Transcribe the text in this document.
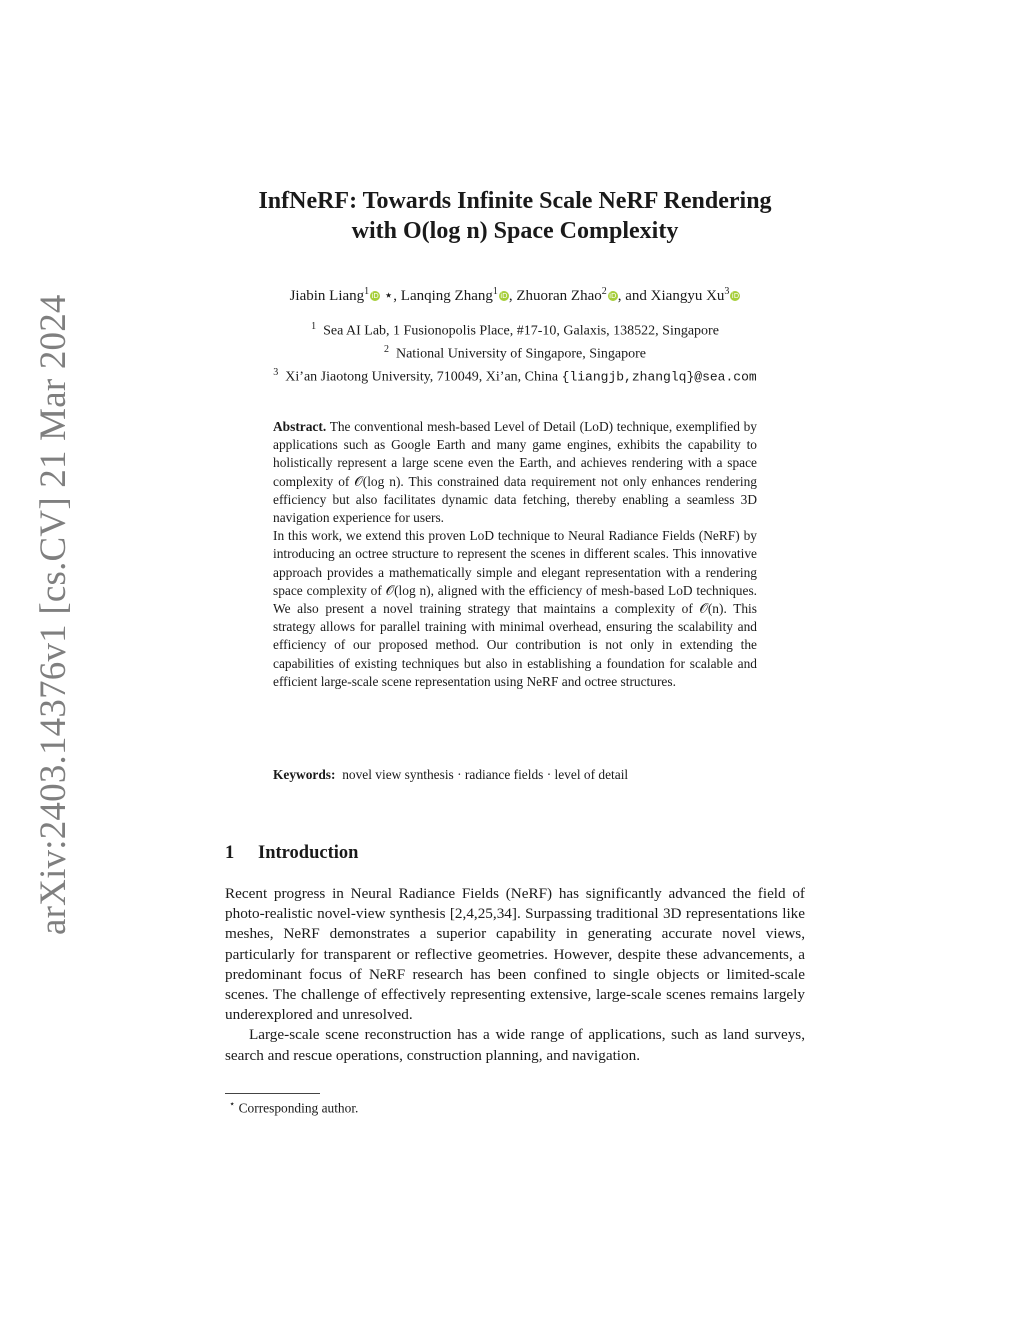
arXiv:2403.14376v1 [cs.CV] 21 Mar 2024
InfNeRF: Towards Infinite Scale NeRF Rendering
with O(log n) Space Complexity
Jiabin Liang$^1$ iD ⋆, Lanqing Zhang$^1$ iD, Zhuoran Zhao$^2$ iD, and Xiangyu Xu$^3$ iD
$^1$ Sea AI Lab, 1 Fusionopolis Place, #17-10, Galaxis, 138522, Singapore
$^2$ National University of Singapore, Singapore
$^3$ Xi’an Jiaotong University, 710049, Xi’an, China {liangjb,zhanglq}@sea.com

Abstract. The conventional mesh-based Level of Detail (LoD) technique, exemplified by applications such as Google Earth and many game engines, exhibits the capability to holistically represent a large scene even the Earth, and achieves rendering with a space complexity of 𝒪(log n). This constrained data requirement not only enhances rendering efficiency but also facilitates dynamic data fetching, thereby enabling a seamless 3D navigation experience for users.

In this work, we extend this proven LoD technique to Neural Radiance Fields (NeRF) by introducing an octree structure to represent the scenes in different scales. This innovative approach provides a mathematically simple and elegant representation with a rendering space complexity of 𝒪(log n), aligned with the efficiency of mesh-based LoD techniques. We also present a novel training strategy that maintains a complexity of 𝒪(n). This strategy allows for parallel training with minimal overhead, ensuring the scalability and efficiency of our proposed method. Our contribution is not only in extending the capabilities of existing techniques but also in establishing a foundation for scalable and efficient large-scale scene representation using NeRF and octree structures.

Keywords: novel view synthesis · radiance fields · level of detail
1 Introduction

Recent progress in Neural Radiance Fields (NeRF) has significantly advanced the field of photo-realistic novel-view synthesis [2,4,25,34]. Surpassing traditional 3D representations like meshes, NeRF demonstrates a superior capability in generating accurate novel views, particularly for transparent or reflective geometries. However, despite these advancements, a predominant focus of NeRF research has been confined to single objects or limited-scale scenes. The challenge of effectively representing extensive, large-scale scenes remains largely underexplored and unresolved.

Large-scale scene reconstruction has a wide range of applications, such as land surveys, search and rescue operations, construction planning, and navigation.

⋆ Corresponding author.
